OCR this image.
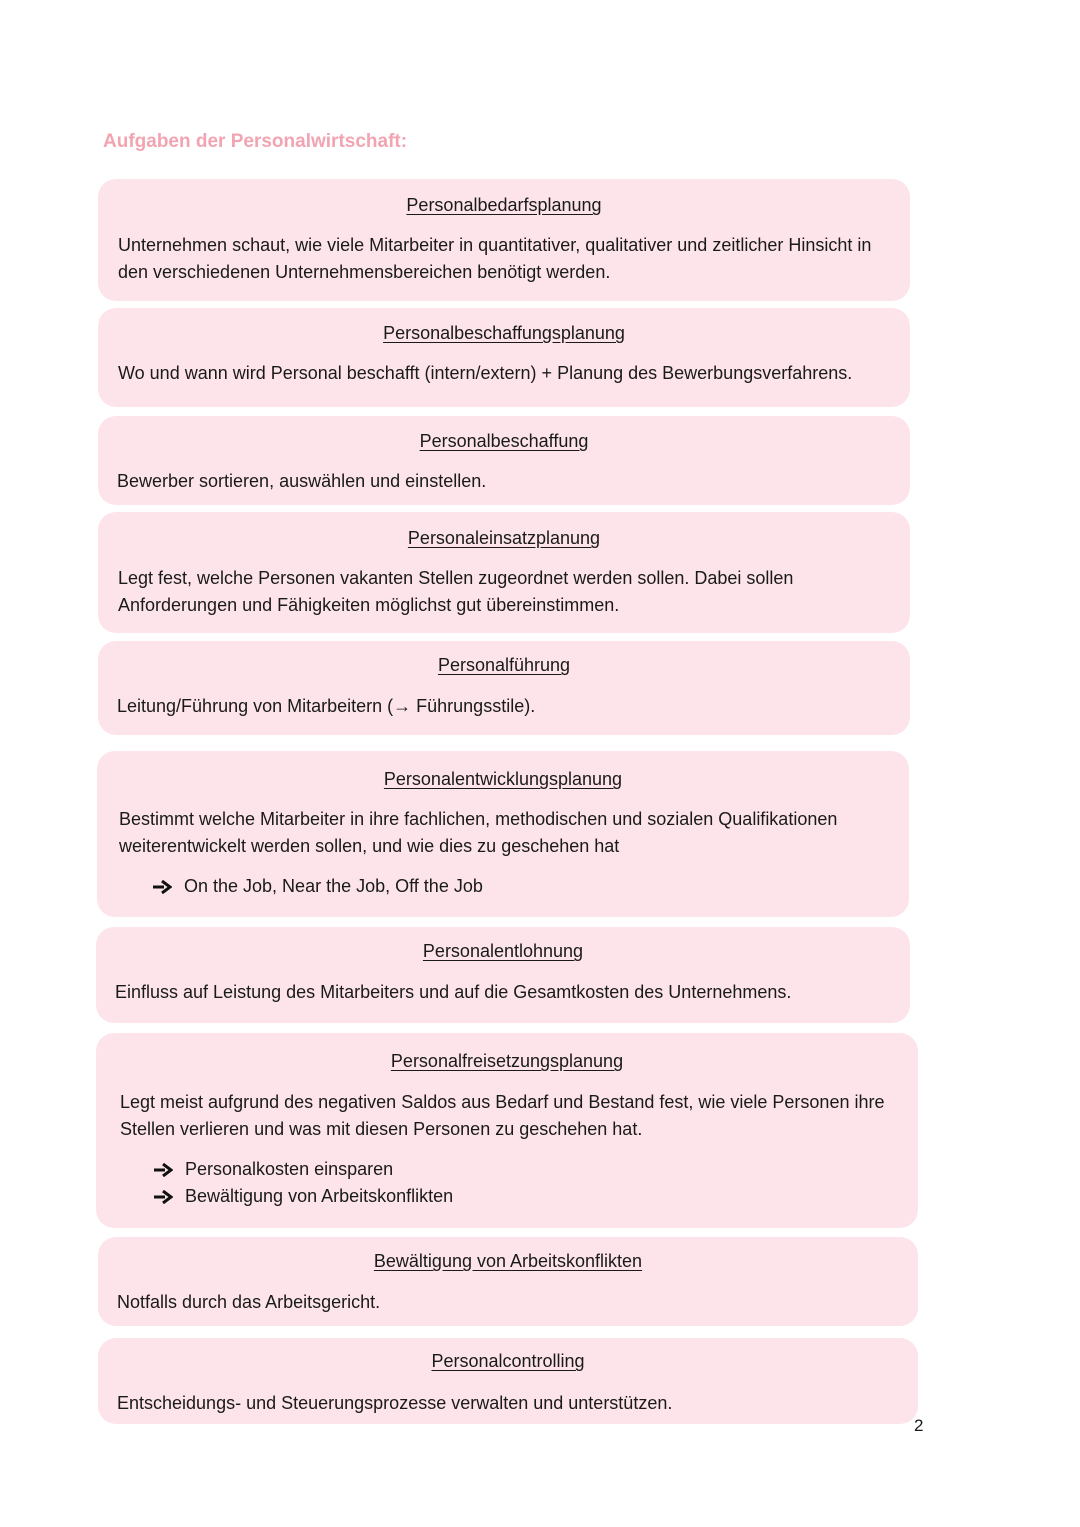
Aufgaben der Personalwirtschaft:
Personalbedarfsplanung

Unternehmen schaut, wie viele Mitarbeiter in quantitativer, qualitativer und zeitlicher Hinsicht in den verschiedenen Unternehmensbereichen benötigt werden.

Personalbeschaffungsplanung

Wo und wann wird Personal beschafft (intern/extern) + Planung des Bewerbungsverfahrens.

Personalbeschaffung

Bewerber sortieren, auswählen und einstellen.

Personaleinsatzplanung

Legt fest, welche Personen vakanten Stellen zugeordnet werden sollen. Dabei sollen Anforderungen und Fähigkeiten möglichst gut übereinstimmen.

Personalführung

Leitung/Führung von Mitarbeitern (→ Führungsstile).

Personalentwicklungsplanung

Bestimmt welche Mitarbeiter in ihre fachlichen, methodischen und sozialen Qualifikationen weiterentwickelt werden sollen, und wie dies zu geschehen hat

On the Job, Near the Job, Off the Job
Personalentlohnung

Einfluss auf Leistung des Mitarbeiters und auf die Gesamtkosten des Unternehmens.

Personalfreisetzungsplanung

Legt meist aufgrund des negativen Saldos aus Bedarf und Bestand fest, wie viele Personen ihre Stellen verlieren und was mit diesen Personen zu geschehen hat.

Personalkosten einsparen
Bewältigung von Arbeitskonflikten
Bewältigung von Arbeitskonflikten

Notfalls durch das Arbeitsgericht.

Personalcontrolling

Entscheidungs- und Steuerungsprozesse verwalten und unterstützen.

2
